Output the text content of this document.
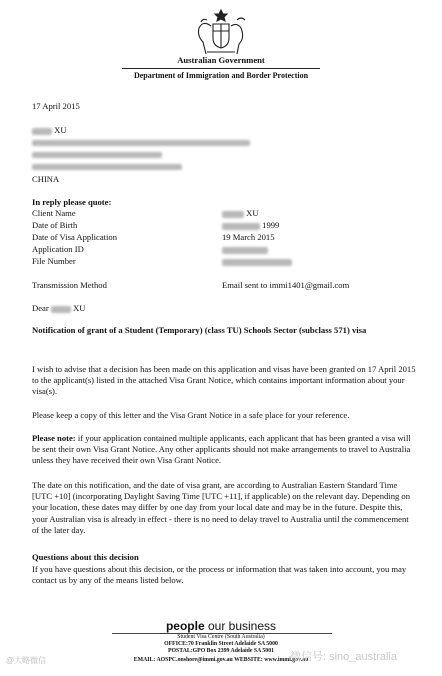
Australian Government
Department of Immigration and Border Protection
17 April 2015
XU
CHINA
In reply please quote:
Client Name	XU
Date of Birth	1999
Date of Visa Application	19 March 2015
Application ID
File Number
Transmission Method	Email sent to immi1401@gmail.com
Dear	XU
Notification of grant of a Student (Temporary) (class TU) Schools Sector (subclass 571) visa
I wish to advise that a decision has been made on this application and visas have been granted on 17 April 2015 to the applicant(s) listed in the attached Visa Grant Notice, which contains important information about your visa(s).
Please keep a copy of this letter and the Visa Grant Notice in a safe place for your reference.
Please note: if your application contained multiple applicants, each applicant that has been granted a visa will be sent their own Visa Grant Notice. Any other applicants should not make arrangements to travel to Australia unless they have received their own Visa Grant Notice.
The date on this notification, and the date of visa grant, are according to Australian Eastern Standard Time [UTC +10] (incorporating Daylight Saving Time [UTC +11], if applicable) on the relevant day. Depending on your location, these dates may differ by one day from your local date and may be in the future. Despite this, your Australian visa is already in effect - there is no need to delay travel to Australia until the commencement of the later day.
Questions about this decision
If you have questions about this decision, or the process or information that was taken into account, you may contact us by any of the means listed below.
people our business
Student Visa Centre (South Australia)
OFFICE:70 Franklin Street Adelaide SA 5000
POSTAL:GPO Box 2399 Adelaide SA 5001
EMAIL: AOSPC.onshore@immi.gov.au WEBSITE: www.immi.gov.au
@大略微信	微信号: sino_australia
